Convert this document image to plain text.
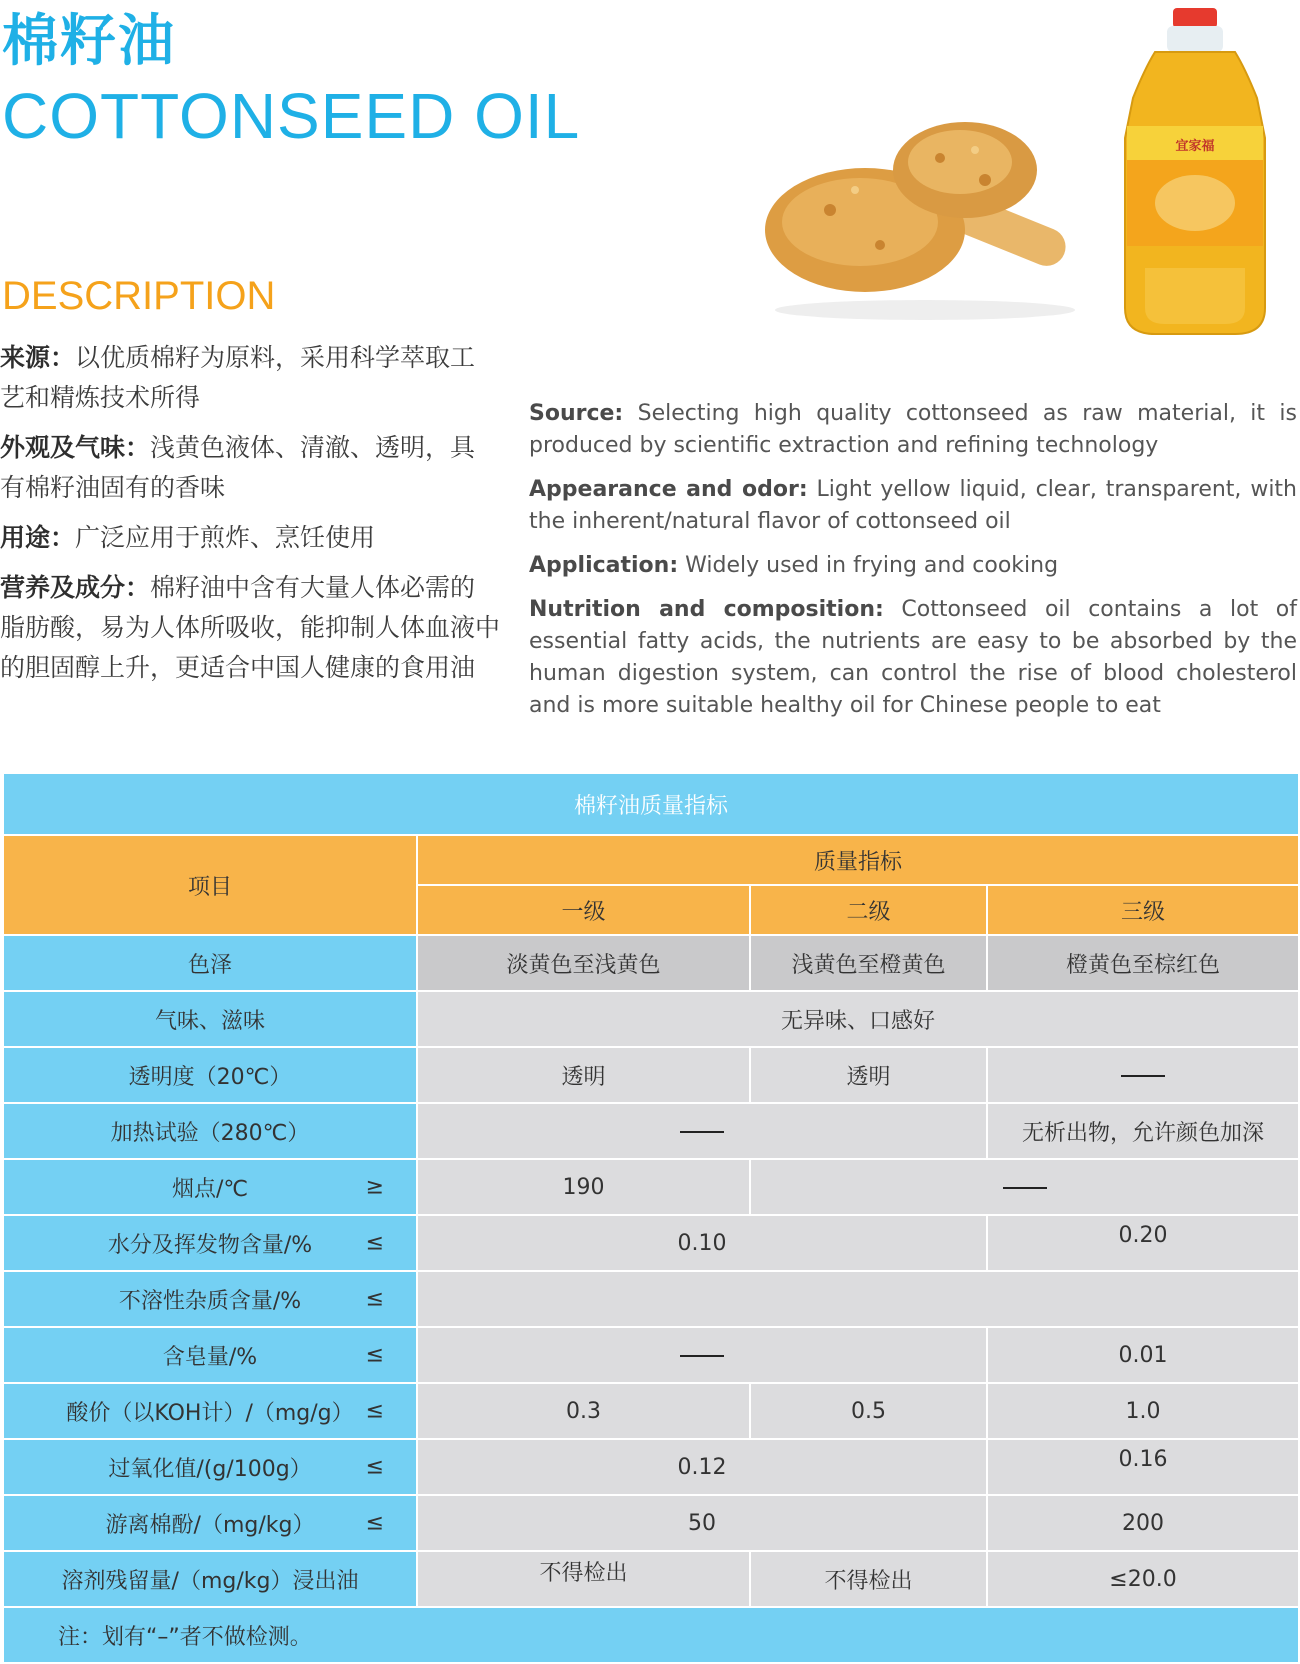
棉籽油
COTTONSEED OIL	宜家福
DESCRIPTION

来源：以优质棉籽为原料，采用科学萃取工艺和精炼技术所得

外观及气味：浅黄色液体、清澈、透明，具有棉籽油固有的香味

用途：广泛应用于煎炸、烹饪使用

营养及成分：棉籽油中含有大量人体必需的脂肪酸，易为人体所吸收，能抑制人体血液中的胆固醇上升，更适合中国人健康的食用油

Source: Selecting high quality cottonseed as raw material, it is produced by scientific extraction and refining technology

Appearance and odor: Light yellow liquid, clear, transparent, with the inherent/natural flavor of cottonseed oil

Application: Widely used in frying and cooking

Nutrition and composition: Cottonseed oil contains a lot of essential fatty acids, the nutrients are easy to be absorbed by the human digestion system, can control the rise of blood cholesterol and is more suitable healthy oil for Chinese people to eat

棉籽油质量指标			
项目	质量指标		
	一级	二级	三级
色泽	淡黄色至浅黄色	浅黄色至橙黄色	橙黄色至棕红色
气味、滋味	无异味、口感好		
透明度（20℃）	透明	透明	
加热试验（280℃）			无析出物，允许颜色加深
烟点/℃ ≥	190		
水分及挥发物含量/% ≤	0.10		0.20
不溶性杂质含量/% ≤			

含皂量/% ≤			0.01
酸价（以KOH计）/（mg/g） ≤	0.3	0.5	1.0
过氧化值/(g/100g） ≤	0.12		0.16
游离棉酚/（mg/kg） ≤	50		200
溶剂残留量/（mg/kg）浸出油	不得检出	不得检出	≤20.0
注：划有“–”者不做检测。			
